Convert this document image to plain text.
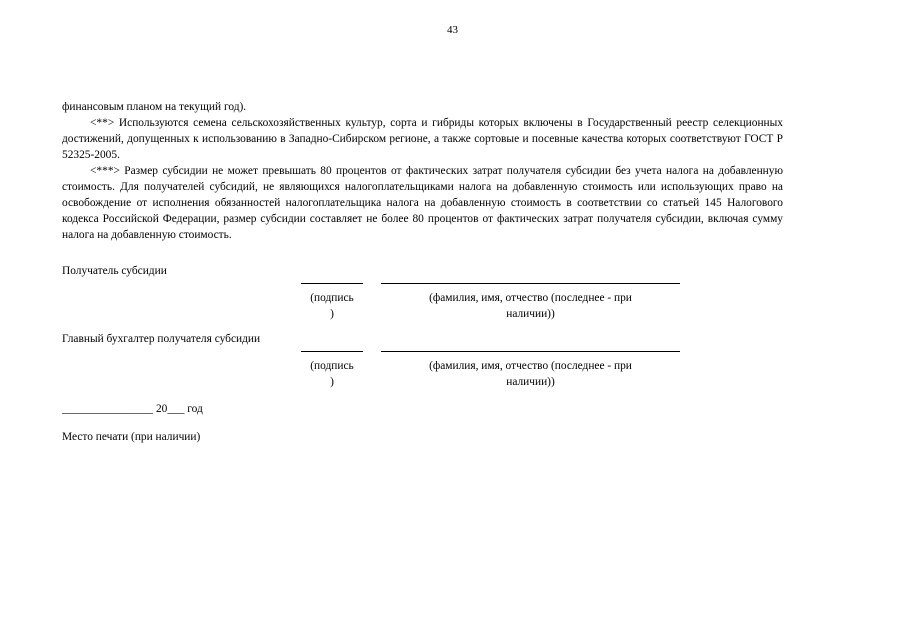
43

финансовым планом на текущий год).

<**> Используются семена сельскохозяйственных культур, сорта и гибриды которых включены в Государственный реестр селекционных достижений, допущенных к использованию в Западно-Сибирском регионе, а также сортовые и посевные качества которых соответствуют ГОСТ Р 52325-2005.

<***> Размер субсидии не может превышать 80 процентов от фактических затрат получателя субсидии без учета налога на добавленную стоимость. Для получателей субсидий, не являющихся налогоплательщиками налога на добавленную стоимость или использующих право на освобождение от исполнения обязанностей налогоплательщика налога на добавленную стоимость в соответствии со статьей 145 Налогового кодекса Российской Федерации, размер субсидии составляет не более 80 процентов от фактических затрат получателя субсидии, включая сумму налога на добавленную стоимость.

Получатель субсидии
(подпись
)
(фамилия, имя, отчество (последнее - при
наличии))
Главный бухгалтер получателя субсидии
(подпись
)
(фамилия, имя, отчество (последнее - при
наличии))
________________ 20___ год
Место печати (при наличии)
